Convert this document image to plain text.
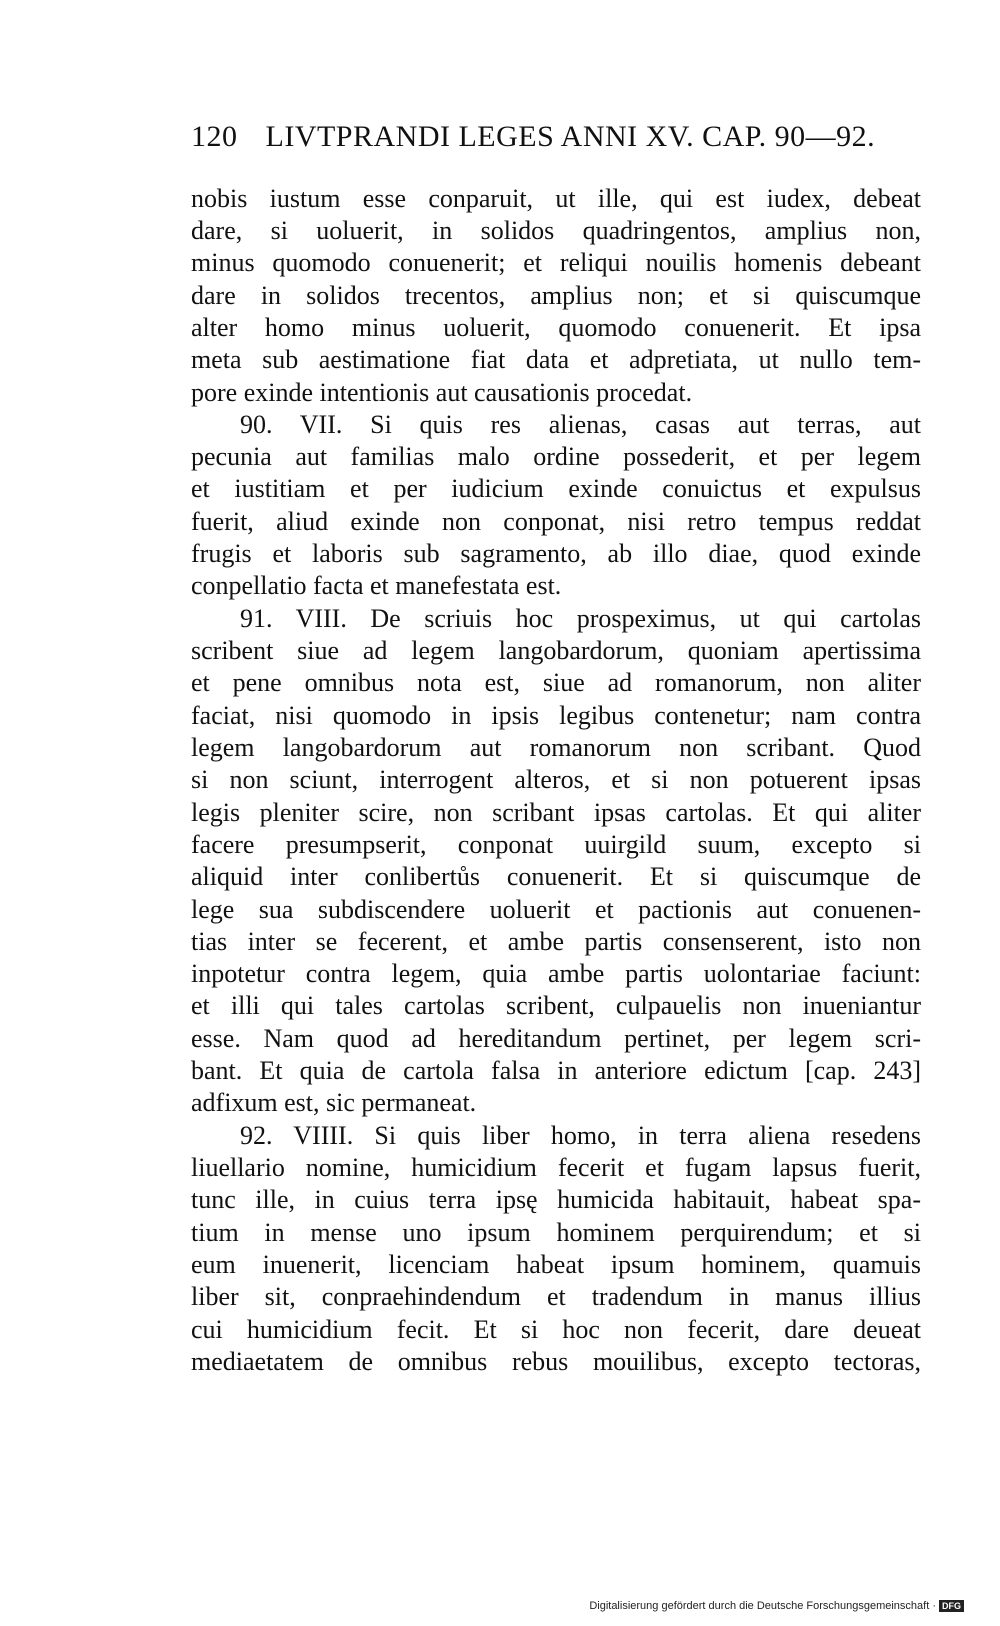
120 LIVTPRANDI LEGES ANNI XV. CAP. 90—92.
nobis iustum esse conparuit, ut ille, qui est iudex, debeat
dare, si uoluerit, in solidos quadringentos, amplius non,
minus quomodo conuenerit; et reliqui nouilis homenis debeant
dare in solidos trecentos, amplius non; et si quiscumque
alter homo minus uoluerit, quomodo conuenerit. Et ipsa
meta sub aestimatione fiat data et adpretiata, ut nullo tem-
pore exinde intentionis aut causationis procedat.
90. VII. Si quis res alienas, casas aut terras, aut
pecunia aut familias malo ordine possederit, et per legem
et iustitiam et per iudicium exinde conuictus et expulsus
fuerit, aliud exinde non conponat, nisi retro tempus reddat
frugis et laboris sub sagramento, ab illo diae, quod exinde
conpellatio facta et manefestata est.
91. VIII. De scriuis hoc prospeximus, ut qui cartolas
scribent siue ad legem langobardorum, quoniam apertissima
et pene omnibus nota est, siue ad romanorum, non aliter
faciat, nisi quomodo in ipsis legibus contenetur; nam contra
legem langobardorum aut romanorum non scribant. Quod
si non sciunt, interrogent alteros, et si non potuerent ipsas
legis pleniter scire, non scribant ipsas cartolas. Et qui aliter
facere presumpserit, conponat uuirgild suum, excepto si
aliquid inter conlibertůs conuenerit. Et si quiscumque de
lege sua subdiscendere uoluerit et pactionis aut conuenen-
tias inter se fecerent, et ambe partis consenserent, isto non
inpotetur contra legem, quia ambe partis uolontariae faciunt:
et illi qui tales cartolas scribent, culpauelis non inueniantur
esse. Nam quod ad hereditandum pertinet, per legem scri-
bant. Et quia de cartola falsa in anteriore edictum [cap. 243]
adfixum est, sic permaneat.
92. VIIII. Si quis liber homo, in terra aliena resedens
liuellario nomine, humicidium fecerit et fugam lapsus fuerit,
tunc ille, in cuius terra ipsę humicida habitauit, habeat spa-
tium in mense uno ipsum hominem perquirendum; et si
eum inuenerit, licenciam habeat ipsum hominem, quamuis
liber sit, conpraehindendum et tradendum in manus illius
cui humicidium fecit. Et si hoc non fecerit, dare deueat
mediaetatem de omnibus rebus mouilibus, excepto tectoras,
Digitalisierung gefördert durch die Deutsche Forschungsgemeinschaft · DFG
